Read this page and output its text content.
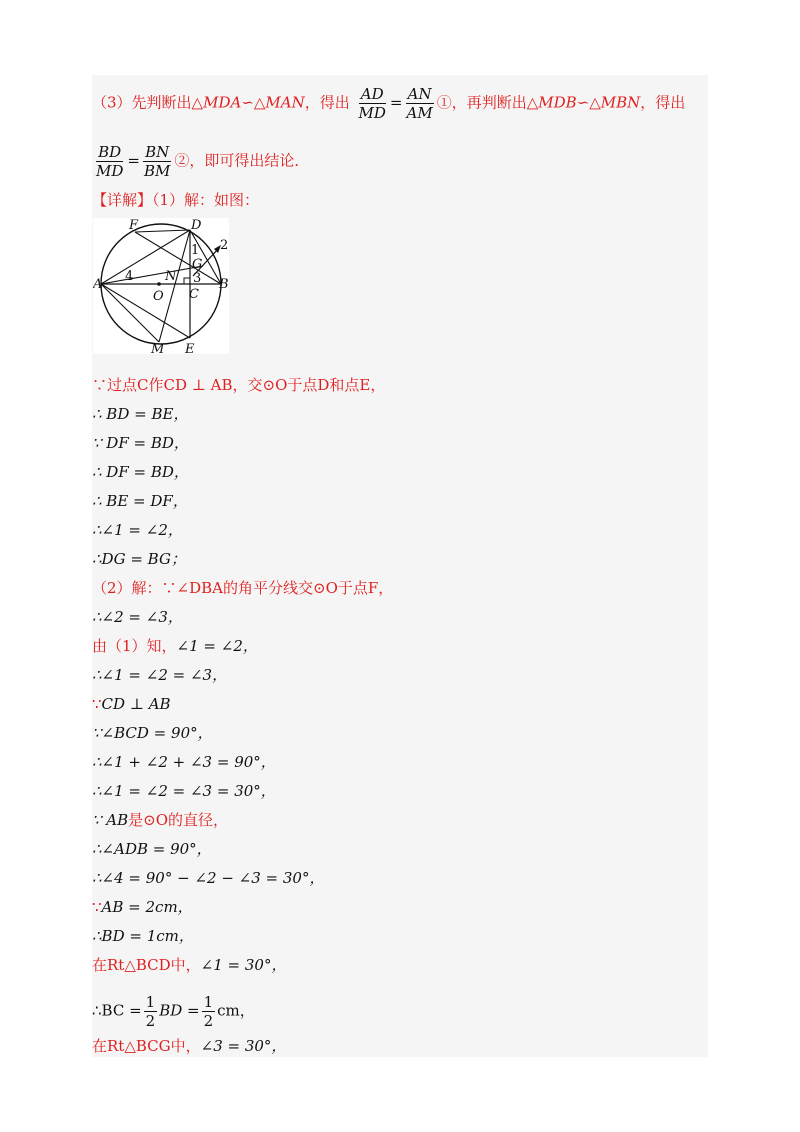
（3）先判断出△MDA∽△MAN，得出 $\frac{AD}{MD} = \frac{AN}{AM}$ ①，再判断出△MDB∽△MBN，得出
$\frac{BD}{MD} = \frac{BN}{BM}$ ②，即可得出结论．
【详解】（1）解：如图：
F	D
A	B
O
N
C
G
E
M
1 2
3
4
∵过点C作CD ⊥ AB，交⊙O于点D和点E，
∴ BD = BE，
∵ DF = BD，
∴ DF = BD，
∴ BE = DF，
∴∠1 = ∠2，
∴DG = BG；
（2）解：∵∠DBA的角平分线交⊙O于点F，
∴∠2 = ∠3，
由（1）知，∠1 = ∠2，
∴∠1 = ∠2 = ∠3，
∵CD ⊥ AB
∵∠BCD = 90°，
∴∠1 + ∠2 + ∠3 = 90°，
∴∠1 = ∠2 = ∠3 = 30°，
∵ AB是⊙O的直径，
∴∠ADB = 90°，
∴∠4 = 90° − ∠2 − ∠3 = 30°，
∵AB = 2cm，
∴BD = 1cm，
在Rt△BCD中，∠1 = 30°，
∴BC = $\frac{1}{2}$ BD = $\frac{1}{2}$ cm，
在Rt△BCG中，∠3 = 30°，
